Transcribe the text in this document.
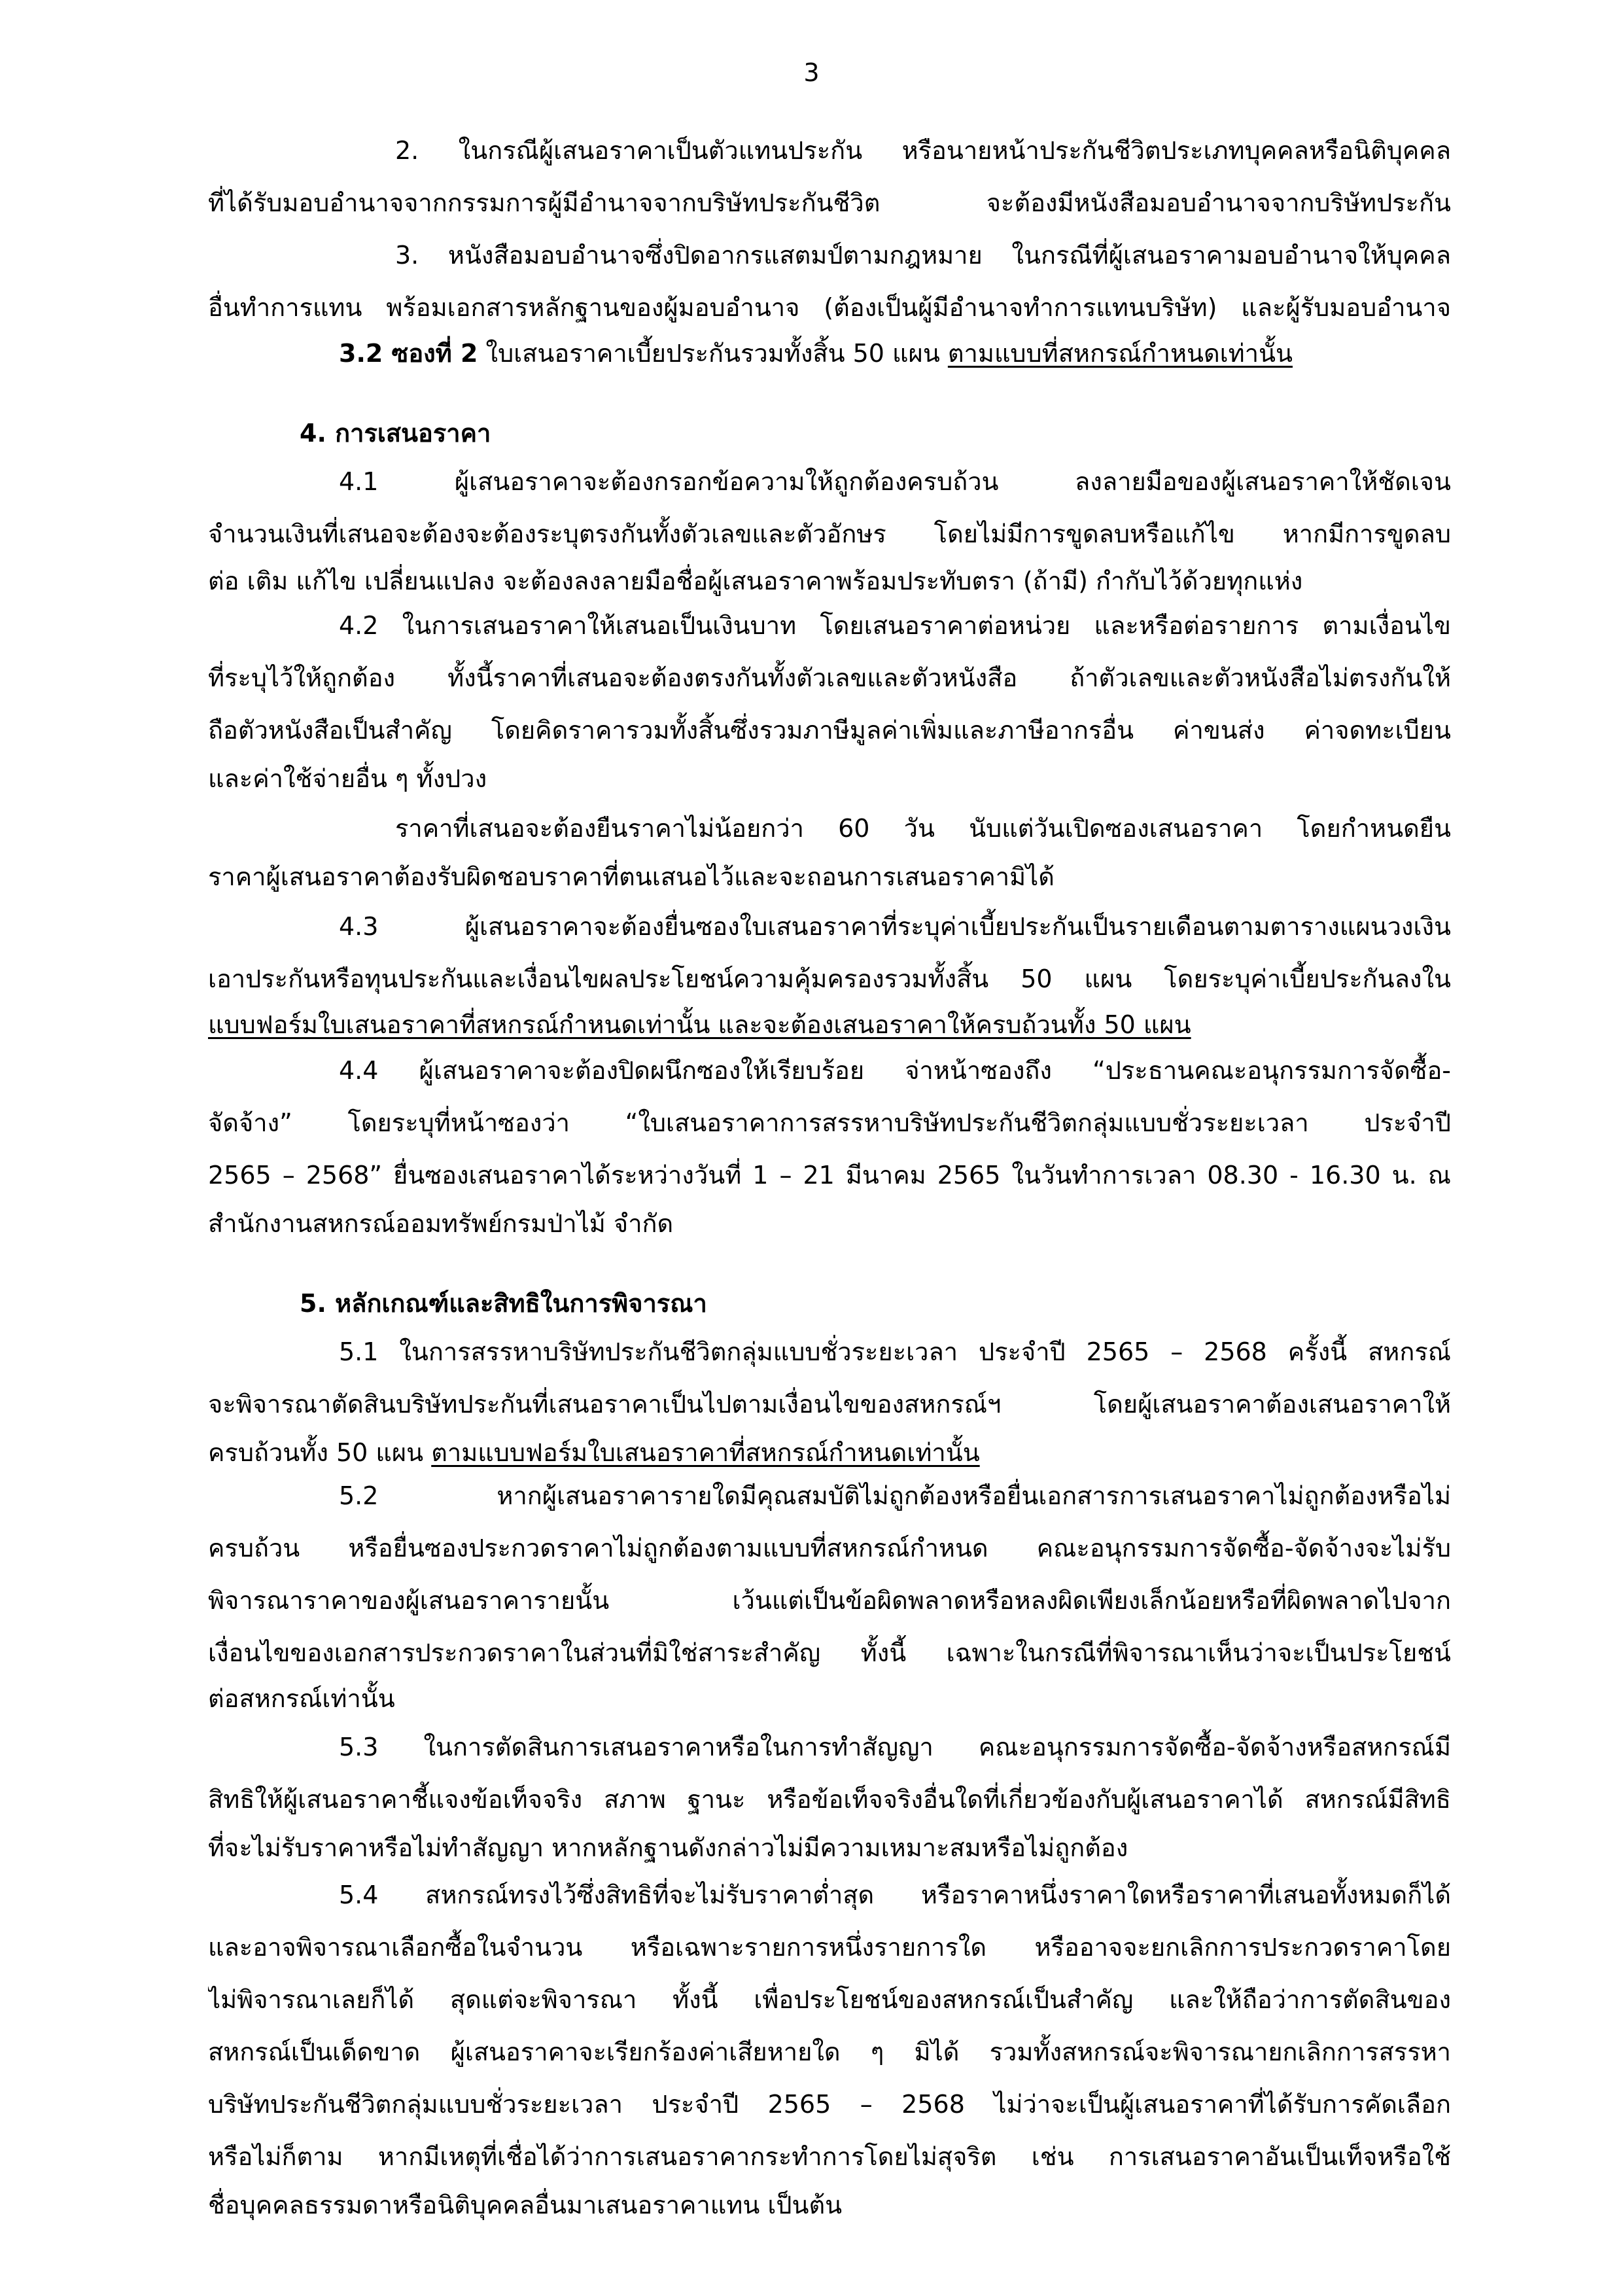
3
2. ในกรณีผู้เสนอราคาเป็นตัวแทนประกัน หรือนายหน้าประกันชีวิตประเภทบุคคลหรือนิติบุคคล
ที่ได้รับมอบอำนาจจากกรรมการผู้มีอำนาจจากบริษัทประกันชีวิต จะต้องมีหนังสือมอบอำนาจจากบริษัทประกัน
3. หนังสือมอบอำนาจซึ่งปิดอากรแสตมป์ตามกฎหมาย ในกรณีที่ผู้เสนอราคามอบอำนาจให้บุคคล
อื่นทำการแทน พร้อมเอกสารหลักฐานของผู้มอบอำนาจ (ต้องเป็นผู้มีอำนาจทำการแทนบริษัท) และผู้รับมอบอำนาจ
3.2 ซองที่ 2 ใบเสนอราคาเบี้ยประกันรวมทั้งสิ้น 50 แผน ตามแบบที่สหกรณ์กำหนดเท่านั้น
4. การเสนอราคา
4.1 ผู้เสนอราคาจะต้องกรอกข้อความให้ถูกต้องครบถ้วน ลงลายมือของผู้เสนอราคาให้ชัดเจน
จำนวนเงินที่เสนอจะต้องจะต้องระบุตรงกันทั้งตัวเลขและตัวอักษร โดยไม่มีการขูดลบหรือแก้ไข หากมีการขูดลบ
ต่อ เติม แก้ไข เปลี่ยนแปลง จะต้องลงลายมือชื่อผู้เสนอราคาพร้อมประทับตรา (ถ้ามี) กำกับไว้ด้วยทุกแห่ง
4.2 ในการเสนอราคาให้เสนอเป็นเงินบาท โดยเสนอราคาต่อหน่วย และหรือต่อรายการ ตามเงื่อนไข
ที่ระบุไว้ให้ถูกต้อง ทั้งนี้ราคาที่เสนอจะต้องตรงกันทั้งตัวเลขและตัวหนังสือ ถ้าตัวเลขและตัวหนังสือไม่ตรงกันให้
ถือตัวหนังสือเป็นสำคัญ โดยคิดราคารวมทั้งสิ้นซึ่งรวมภาษีมูลค่าเพิ่มและภาษีอากรอื่น ค่าขนส่ง ค่าจดทะเบียน
และค่าใช้จ่ายอื่น ๆ ทั้งปวง
ราคาที่เสนอจะต้องยืนราคาไม่น้อยกว่า 60 วัน นับแต่วันเปิดซองเสนอราคา โดยกำหนดยืน
ราคาผู้เสนอราคาต้องรับผิดชอบราคาที่ตนเสนอไว้และจะถอนการเสนอราคามิได้
4.3 ผู้เสนอราคาจะต้องยื่นซองใบเสนอราคาที่ระบุค่าเบี้ยประกันเป็นรายเดือนตามตารางแผนวงเงิน
เอาประกันหรือทุนประกันและเงื่อนไขผลประโยชน์ความคุ้มครองรวมทั้งสิ้น 50 แผน โดยระบุค่าเบี้ยประกันลงใน
แบบฟอร์มใบเสนอราคาที่สหกรณ์กำหนดเท่านั้น และจะต้องเสนอราคาให้ครบถ้วนทั้ง 50 แผน
4.4 ผู้เสนอราคาจะต้องปิดผนึกซองให้เรียบร้อย จ่าหน้าซองถึง “ประธานคณะอนุกรรมการจัดซื้อ-
จัดจ้าง” โดยระบุที่หน้าซองว่า “ใบเสนอราคาการสรรหาบริษัทประกันชีวิตกลุ่มแบบชั่วระยะเวลา ประจำปี
2565 – 2568” ยื่นซองเสนอราคาได้ระหว่างวันที่ 1 – 21 มีนาคม 2565 ในวันทำการเวลา 08.30 - 16.30 น. ณ
สำนักงานสหกรณ์ออมทรัพย์กรมป่าไม้ จำกัด
5. หลักเกณฑ์และสิทธิในการพิจารณา
5.1 ในการสรรหาบริษัทประกันชีวิตกลุ่มแบบชั่วระยะเวลา ประจำปี 2565 – 2568 ครั้งนี้ สหกรณ์
จะพิจารณาตัดสินบริษัทประกันที่เสนอราคาเป็นไปตามเงื่อนไขของสหกรณ์ฯ โดยผู้เสนอราคาต้องเสนอราคาให้
ครบถ้วนทั้ง 50 แผน ตามแบบฟอร์มใบเสนอราคาที่สหกรณ์กำหนดเท่านั้น
5.2 หากผู้เสนอราคารายใดมีคุณสมบัติไม่ถูกต้องหรือยื่นเอกสารการเสนอราคาไม่ถูกต้องหรือไม่
ครบถ้วน หรือยื่นซองประกวดราคาไม่ถูกต้องตามแบบที่สหกรณ์กำหนด คณะอนุกรรมการจัดซื้อ-จัดจ้างจะไม่รับ
พิจารณาราคาของผู้เสนอราคารายนั้น เว้นแต่เป็นข้อผิดพลาดหรือหลงผิดเพียงเล็กน้อยหรือที่ผิดพลาดไปจาก
เงื่อนไขของเอกสารประกวดราคาในส่วนที่มิใช่สาระสำคัญ ทั้งนี้ เฉพาะในกรณีที่พิจารณาเห็นว่าจะเป็นประโยชน์
ต่อสหกรณ์เท่านั้น
5.3 ในการตัดสินการเสนอราคาหรือในการทำสัญญา คณะอนุกรรมการจัดซื้อ-จัดจ้างหรือสหกรณ์มี
สิทธิให้ผู้เสนอราคาชี้แจงข้อเท็จจริง สภาพ ฐานะ หรือข้อเท็จจริงอื่นใดที่เกี่ยวข้องกับผู้เสนอราคาได้ สหกรณ์มีสิทธิ
ที่จะไม่รับราคาหรือไม่ทำสัญญา หากหลักฐานดังกล่าวไม่มีความเหมาะสมหรือไม่ถูกต้อง
5.4 สหกรณ์ทรงไว้ซึ่งสิทธิที่จะไม่รับราคาต่ำสุด หรือราคาหนึ่งราคาใดหรือราคาที่เสนอทั้งหมดก็ได้
และอาจพิจารณาเลือกซื้อในจำนวน หรือเฉพาะรายการหนึ่งรายการใด หรืออาจจะยกเลิกการประกวดราคาโดย
ไม่พิจารณาเลยก็ได้ สุดแต่จะพิจารณา ทั้งนี้ เพื่อประโยชน์ของสหกรณ์เป็นสำคัญ และให้ถือว่าการตัดสินของ
สหกรณ์เป็นเด็ดขาด ผู้เสนอราคาจะเรียกร้องค่าเสียหายใด ๆ มิได้ รวมทั้งสหกรณ์จะพิจารณายกเลิกการสรรหา
บริษัทประกันชีวิตกลุ่มแบบชั่วระยะเวลา ประจำปี 2565 – 2568 ไม่ว่าจะเป็นผู้เสนอราคาที่ได้รับการคัดเลือก
หรือไม่ก็ตาม หากมีเหตุที่เชื่อได้ว่าการเสนอราคากระทำการโดยไม่สุจริต เช่น การเสนอราคาอันเป็นเท็จหรือใช้
ชื่อบุคคลธรรมดาหรือนิติบุคคลอื่นมาเสนอราคาแทน เป็นต้น
